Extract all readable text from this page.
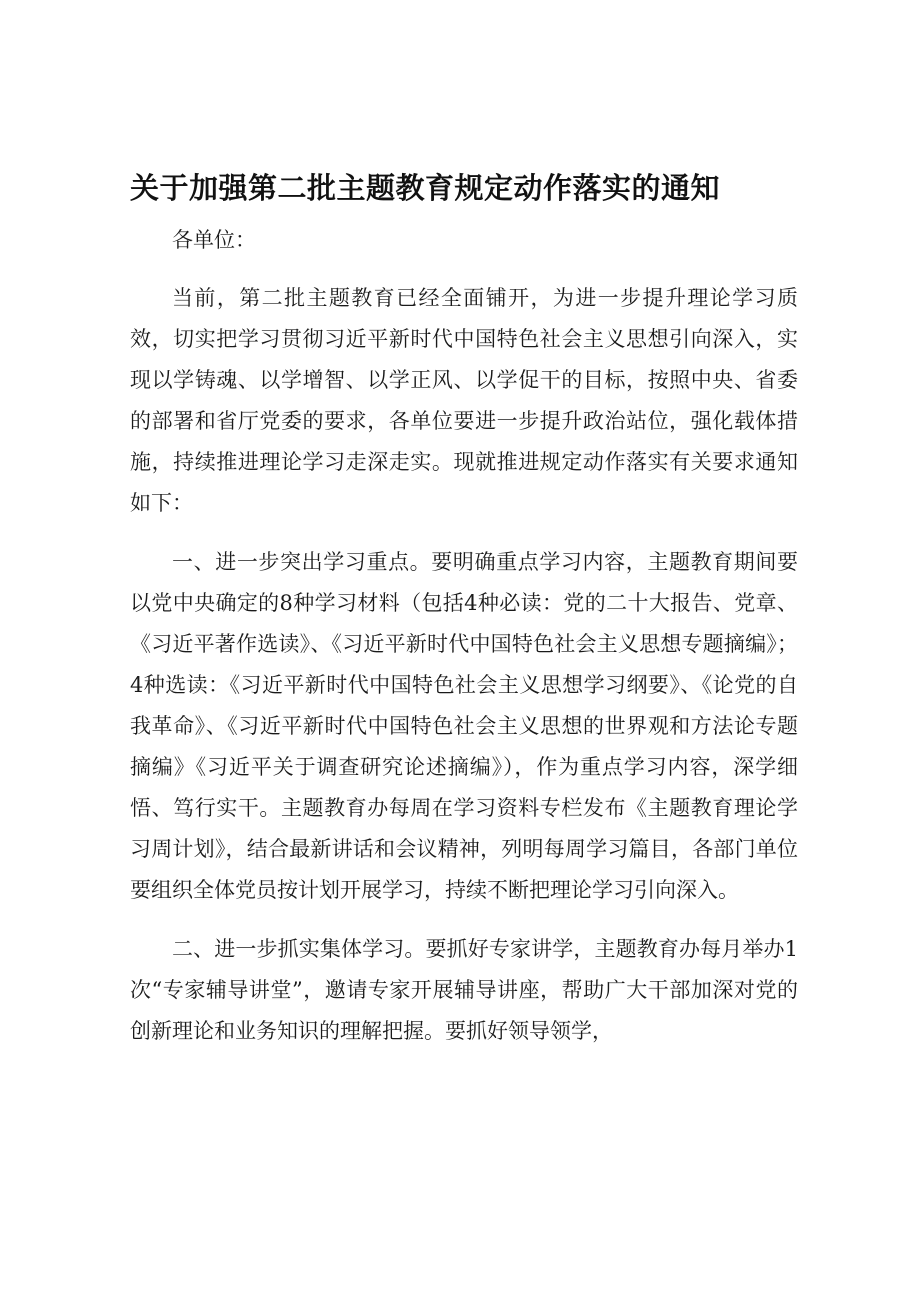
关于加强第二批主题教育规定动作落实的通知

各单位：

当前，第二批主题教育已经全面铺开，为进一步提升理论学习质效，切实把学习贯彻习近平新时代中国特色社会主义思想引向深入，实现以学铸魂、以学增智、以学正风、以学促干的目标，按照中央、省委的部署和省厅党委的要求，各单位要进一步提升政治站位，强化载体措施，持续推进理论学习走深走实。现就推进规定动作落实有关要求通知如下：

一、进一步突出学习重点。要明确重点学习内容，主题教育期间要以党中央确定的8种学习材料（包括4种必读：党的二十大报告、党章、《习近平著作选读》、《习近平新时代中国特色社会主义思想专题摘编》；4种选读：《习近平新时代中国特色社会主义思想学习纲要》、《论党的自我革命》、《习近平新时代中国特色社会主义思想的世界观和方法论专题摘编》《习近平关于调查研究论述摘编》），作为重点学习内容，深学细悟、笃行实干。主题教育办每周在学习资料专栏发布《主题教育理论学习周计划》，结合最新讲话和会议精神，列明每周学习篇目，各部门单位要组织全体党员按计划开展学习，持续不断把理论学习引向深入。

二、进一步抓实集体学习。要抓好专家讲学，主题教育办每月举办1次“专家辅导讲堂”，邀请专家开展辅导讲座，帮助广大干部加深对党的创新理论和业务知识的理解把握。要抓好领导领学，
